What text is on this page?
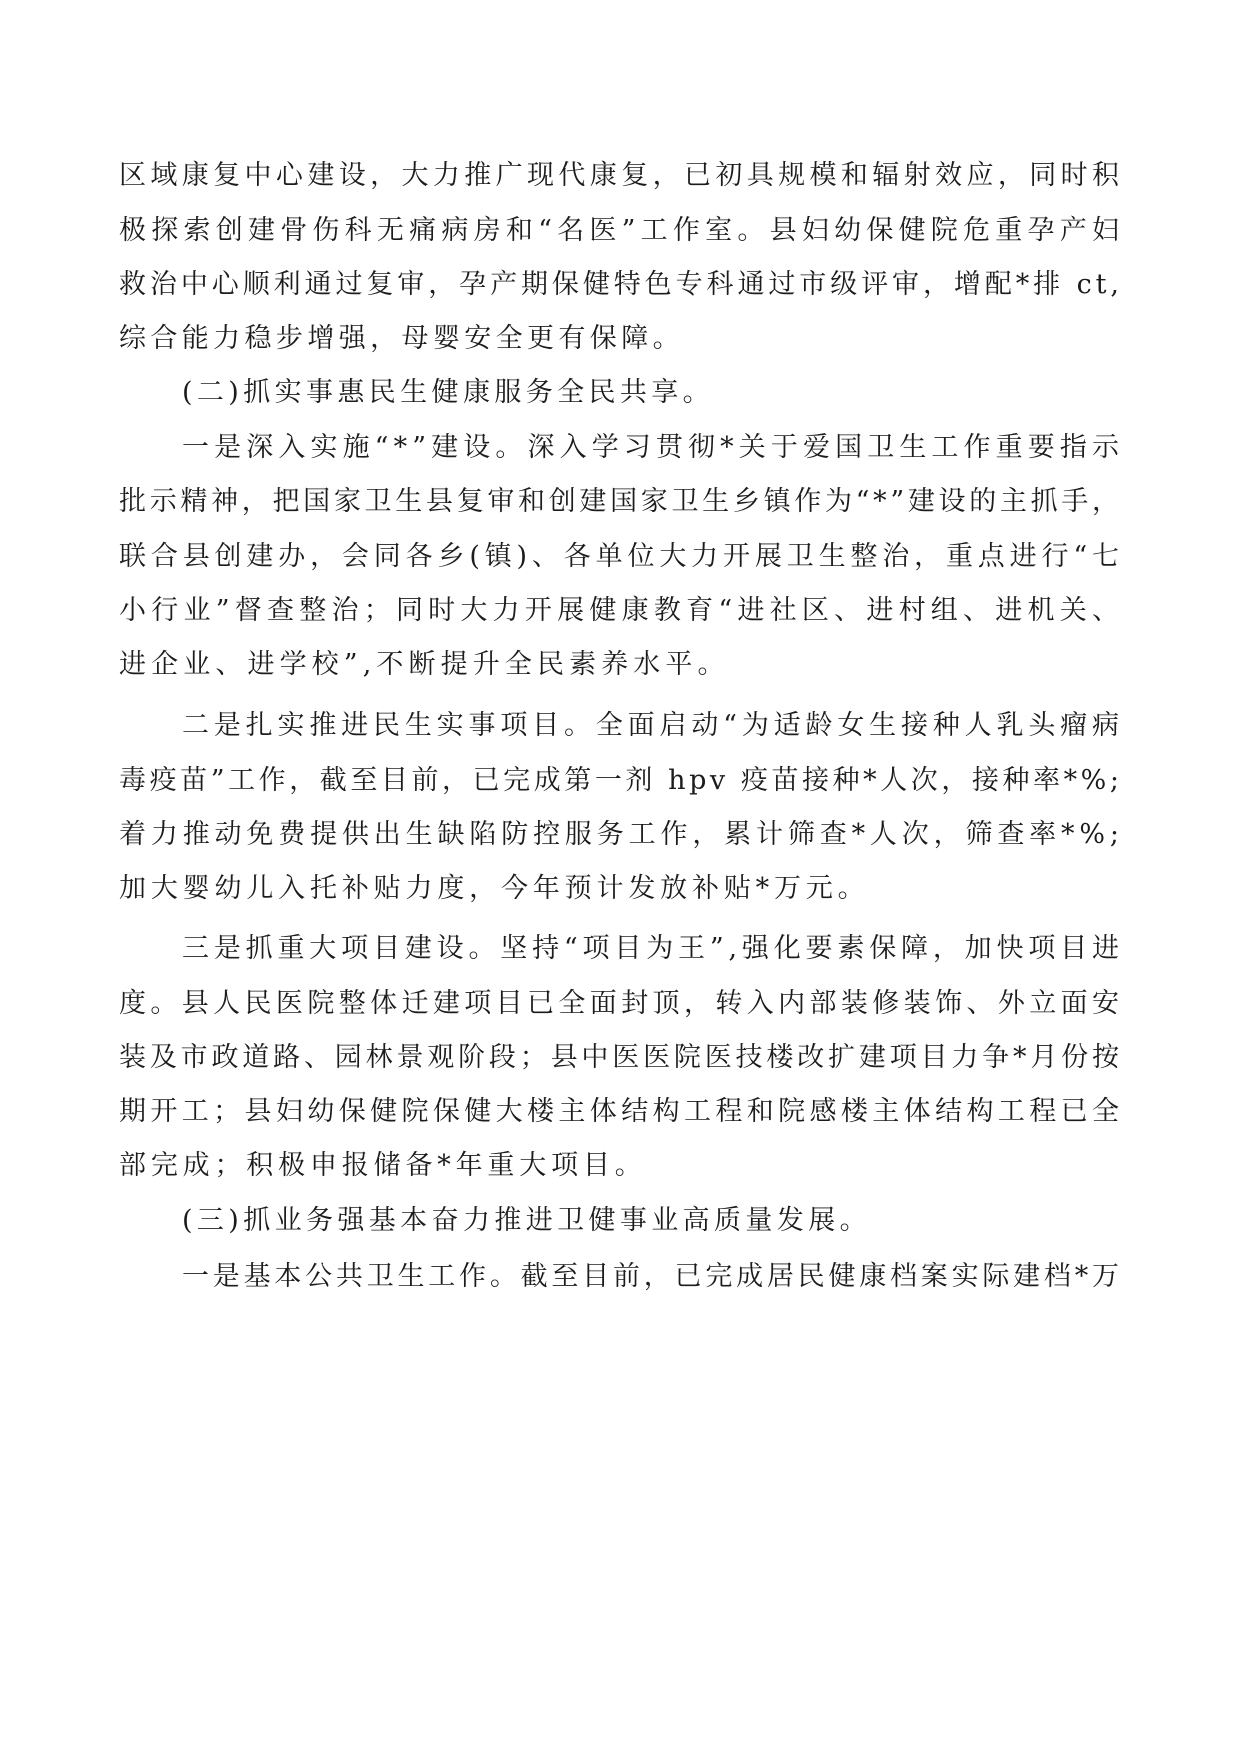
区域康复中心建设，大力推广现代康复，已初具规模和辐射效应，同时积
极探索创建骨伤科无痛病房和“名医”工作室。县妇幼保健院危重孕产妇
救治中心顺利通过复审，孕产期保健特色专科通过市级评审，增配*排 ct,
综合能力稳步增强，母婴安全更有保障。
(二)抓实事惠民生健康服务全民共享。
一是深入实施“*”建设。深入学习贯彻*关于爱国卫生工作重要指示
批示精神，把国家卫生县复审和创建国家卫生乡镇作为“*”建设的主抓手，
联合县创建办，会同各乡(镇)、各单位大力开展卫生整治，重点进行“七
小行业”督查整治；同时大力开展健康教育“进社区、进村组、进机关、
进企业、进学校”,不断提升全民素养水平。
二是扎实推进民生实事项目。全面启动“为适龄女生接种人乳头瘤病
毒疫苗”工作，截至目前，已完成第一剂 hpv 疫苗接种*人次，接种率*%;
着力推动免费提供出生缺陷防控服务工作，累计筛查*人次，筛查率*%;
加大婴幼儿入托补贴力度，今年预计发放补贴*万元。
三是抓重大项目建设。坚持“项目为王”,强化要素保障，加快项目进
度。县人民医院整体迁建项目已全面封顶，转入内部装修装饰、外立面安
装及市政道路、园林景观阶段；县中医医院医技楼改扩建项目力争*月份按
期开工；县妇幼保健院保健大楼主体结构工程和院感楼主体结构工程已全
部完成；积极申报储备*年重大项目。
(三)抓业务强基本奋力推进卫健事业高质量发展。
一是基本公共卫生工作。截至目前，已完成居民健康档案实际建档*万
